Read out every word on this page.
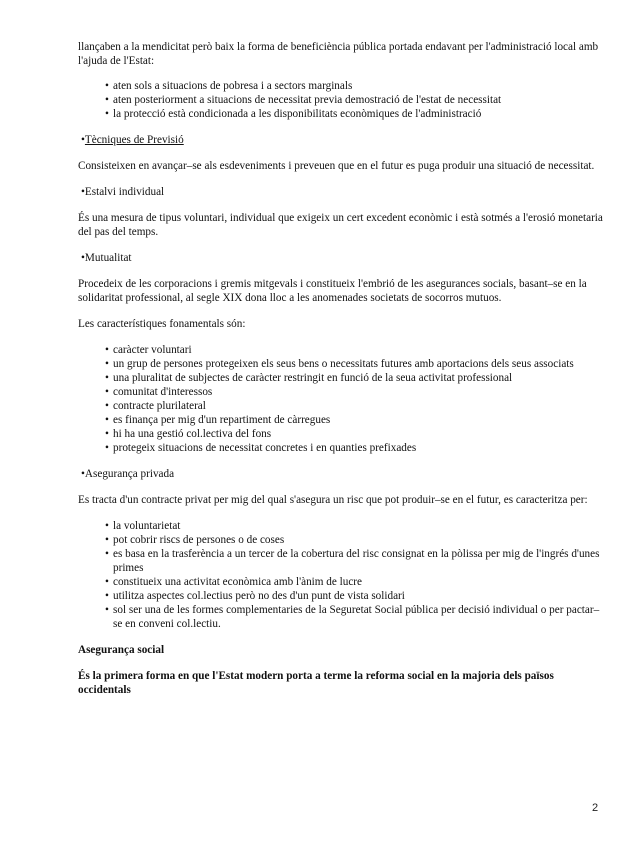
llançaben a la mendicitat però baix la forma de beneficiència pública portada endavant per l'administració local amb l'ajuda de l'Estat:

• aten sols a situacions de pobresa i a sectors marginals
• aten posteriorment a situacions de necessitat previa demostració de l'estat de necessitat
• la protecció està condicionada a les disponibilitats econòmiques de l'administració

• Tècniques de Previsió

Consisteixen en avançar–se als esdeveniments i preveuen que en el futur es puga produir una situació de necessitat.

• Estalvi individual

És una mesura de tipus voluntari, individual que exigeix un cert excedent econòmic i està sotmés a l'erosió monetaria del pas del temps.

• Mutualitat

Procedeix de les corporacions i gremis mitgevals i constitueix l'embrió de les asegurances socials, basant–se en la solidaritat professional, al segle XIX dona lloc a les anomenades societats de socorros mutuos.

Les característiques fonamentals són:

• caràcter voluntari
• un grup de persones protegeixen els seus bens o necessitats futures amb aportacions dels seus associats
• una pluralitat de subjectes de caràcter restringit en funció de la seua activitat professional
• comunitat d'interessos
• contracte plurilateral
• es finança per mig d'un repartiment de càrregues
• hi ha una gestió col.lectiva del fons
• protegeix situacions de necessitat concretes i en quanties prefixades

• Asegurança privada

Es tracta d'un contracte privat per mig del qual s'asegura un risc que pot produir–se en el futur, es caracteritza per:

• la voluntarietat
• pot cobrir riscs de persones o de coses
• es basa en la trasferència a un tercer de la cobertura del risc consignat en la pòlissa per mig de l'ingrés d'unes primes
• constitueix una activitat econòmica amb l'ànim de lucre
• utilitza aspectes col.lectius però no des d'un punt de vista solidari
• sol ser una de les formes complementaries de la Seguretat Social pública per decisió individual o per pactar–se en conveni col.lectiu.

Asegurança social

És la primera forma en que l'Estat modern porta a terme la reforma social en la majoria dels països occidentals

2
